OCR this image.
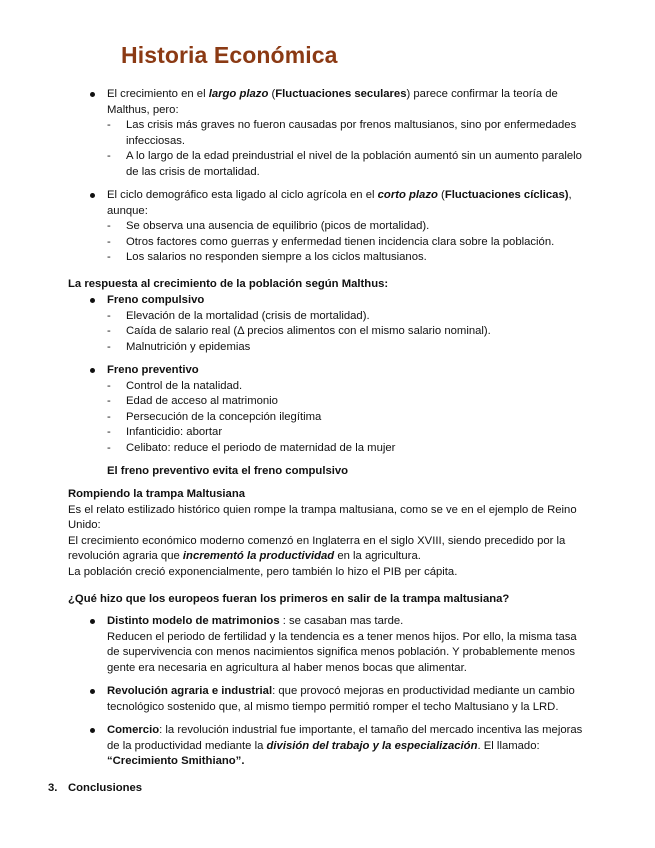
Historia Económica
El crecimiento en el largo plazo (Fluctuaciones seculares) parece confirmar la teoría de
Malthus, pero:
- Las crisis más graves no fueron causadas por frenos maltusianos, sino por enfermedades
infecciosas.
- A lo largo de la edad preindustrial el nivel de la población aumentó sin un aumento paralelo
de las crisis de mortalidad.
El ciclo demográfico esta ligado al ciclo agrícola en el corto plazo (Fluctuaciones cíclicas),
aunque:
- Se observa una ausencia de equilibrio (picos de mortalidad).
- Otros factores como guerras y enfermedad tienen incidencia clara sobre la población.
- Los salarios no responden siempre a los ciclos maltusianos.
La respuesta al crecimiento de la población según Malthus:
Freno compulsivo
- Elevación de la mortalidad (crisis de mortalidad).
- Caída de salario real (Δ precios alimentos con el mismo salario nominal).
- Malnutrición y epidemias
Freno preventivo
- Control de la natalidad.
- Edad de acceso al matrimonio
- Persecución de la concepción ilegítima
- Infanticidio: abortar
- Celibato: reduce el periodo de maternidad de la mujer
El freno preventivo evita el freno compulsivo
Rompiendo la trampa Maltusiana
Es el relato estilizado histórico quien rompe la trampa maltusiana, como se ve en el ejemplo de Reino
Unido:
El crecimiento económico moderno comenzó en Inglaterra en el siglo XVIII, siendo precedido por la
revolución agraria que incrementó la productividad en la agricultura.
La población creció exponencialmente, pero también lo hizo el PIB per cápita.
¿Qué hizo que los europeos fueran los primeros en salir de la trampa maltusiana?
Distinto modelo de matrimonios : se casaban mas tarde.
Reducen el periodo de fertilidad y la tendencia es a tener menos hijos. Por ello, la misma tasa
de supervivencia con menos nacimientos significa menos población. Y probablemente menos
gente era necesaria en agricultura al haber menos bocas que alimentar.
Revolución agraria e industrial: que provocó mejoras en productividad mediante un cambio
tecnológico sostenido que, al mismo tiempo permitió romper el techo Maltusiano y la LRD.
Comercio: la revolución industrial fue importante, el tamaño del mercado incentiva las mejoras
de la productividad mediante la división del trabajo y la especialización. El llamado:
“Crecimiento Smithiano”.
3. Conclusiones
